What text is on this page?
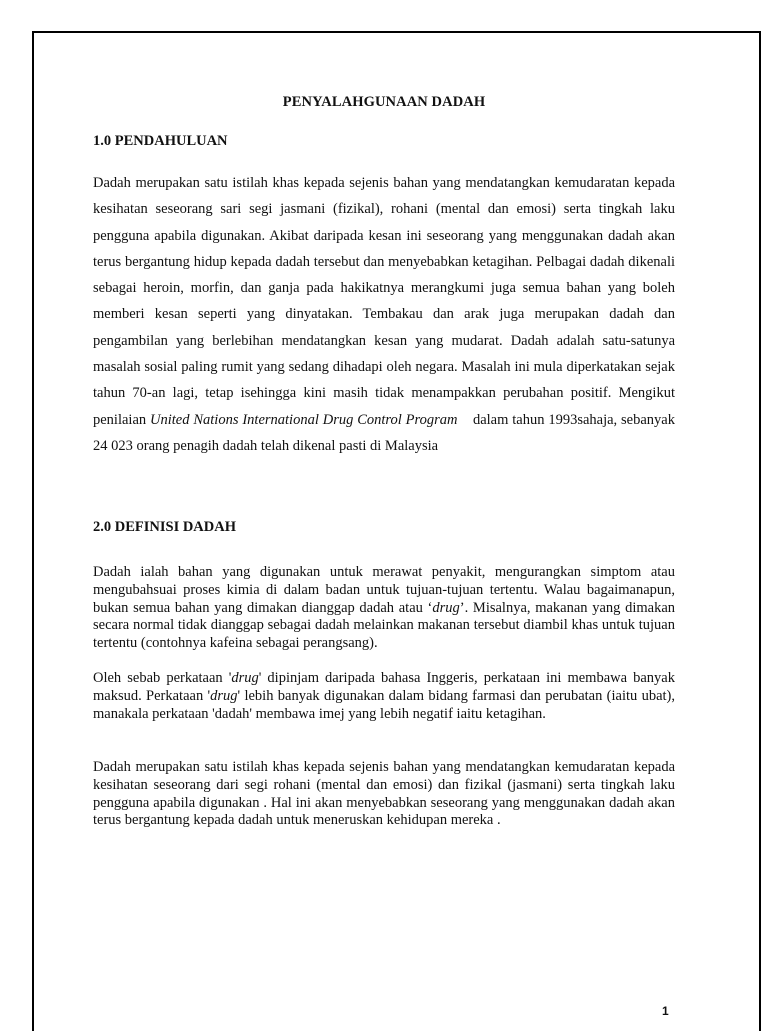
PENYALAHGUNAAN DADAH
1.0 PENDAHULUAN

Dadah merupakan satu istilah khas kepada sejenis bahan yang mendatangkan kemudaratan kepada kesihatan seseorang sari segi jasmani (fizikal), rohani (mental dan emosi) serta tingkah laku pengguna apabila digunakan. Akibat daripada kesan ini seseorang yang menggunakan dadah akan terus bergantung hidup kepada dadah tersebut dan menyebabkan ketagihan. Pelbagai dadah dikenali sebagai heroin, morfin, dan ganja pada hakikatnya merangkumi juga semua bahan yang boleh memberi kesan seperti yang dinyatakan. Tembakau dan arak juga merupakan dadah dan pengambilan yang berlebihan mendatangkan kesan yang mudarat. Dadah adalah satu-satunya masalah sosial paling rumit yang sedang dihadapi oleh negara. Masalah ini mula diperkatakan sejak tahun 70-an lagi, tetap isehingga kini masih tidak menampakkan perubahan positif. Mengikut penilaian United Nations International Drug Control Program    dalam tahun 1993sahaja, sebanyak 24 023 orang penagih dadah telah dikenal pasti di Malaysia

2.0 DEFINISI DADAH

Dadah ialah bahan yang digunakan untuk merawat penyakit, mengurangkan simptom atau mengubahsuai proses kimia di dalam badan untuk tujuan-tujuan tertentu. Walau bagaimanapun, bukan semua bahan yang dimakan dianggap dadah atau ‘drug’. Misalnya, makanan yang dimakan secara normal tidak dianggap sebagai dadah melainkan makanan tersebut diambil khas untuk tujuan tertentu (contohnya kafeina sebagai perangsang).

Oleh sebab perkataan 'drug' dipinjam daripada bahasa Inggeris, perkataan ini membawa banyak maksud. Perkataan 'drug' lebih banyak digunakan dalam bidang farmasi dan perubatan (iaitu ubat), manakala perkataan 'dadah' membawa imej yang lebih negatif iaitu ketagihan.

Dadah merupakan satu istilah khas kepada sejenis bahan yang mendatangkan kemudaratan kepada kesihatan seseorang dari segi rohani (mental dan emosi) dan fizikal (jasmani) serta tingkah laku pengguna apabila digunakan . Hal ini akan menyebabkan seseorang yang menggunakan dadah akan terus bergantung kepada dadah untuk meneruskan kehidupan mereka .

1
